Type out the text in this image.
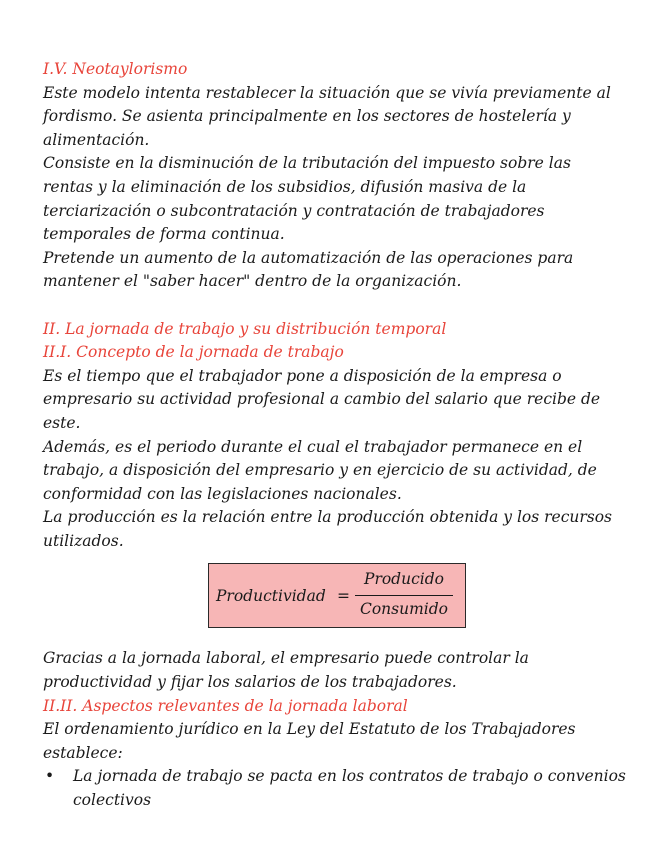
I.V. Neotaylorismo
Este modelo intenta restablecer la situación que se vivía previamente al
fordismo. Se asienta principalmente en los sectores de hostelería y
alimentación.
Consiste en la disminución de la tributación del impuesto sobre las
rentas y la eliminación de los subsidios, difusión masiva de la
terciarización o subcontratación y contratación de trabajadores
temporales de forma continua.
Pretende un aumento de la automatización de las operaciones para
mantener el "saber hacer" dentro de la organización.
II. La jornada de trabajo y su distribución temporal
II.I. Concepto de la jornada de trabajo
Es el tiempo que el trabajador pone a disposición de la empresa o
empresario su actividad profesional a cambio del salario que recibe de
este.
Además, es el periodo durante el cual el trabajador permanece en el
trabajo, a disposición del empresario y en ejercicio de su actividad, de
conformidad con las legislaciones nacionales.
La producción es la relación entre la producción obtenida y los recursos
utilizados.
Productividad =
Producido
Consumido
Gracias a la jornada laboral, el empresario puede controlar la
productividad y fijar los salarios de los trabajadores.
II.II. Aspectos relevantes de la jornada laboral
El ordenamiento jurídico en la Ley del Estatuto de los Trabajadores
establece:
• La jornada de trabajo se pacta en los contratos de trabajo o convenios
colectivos
